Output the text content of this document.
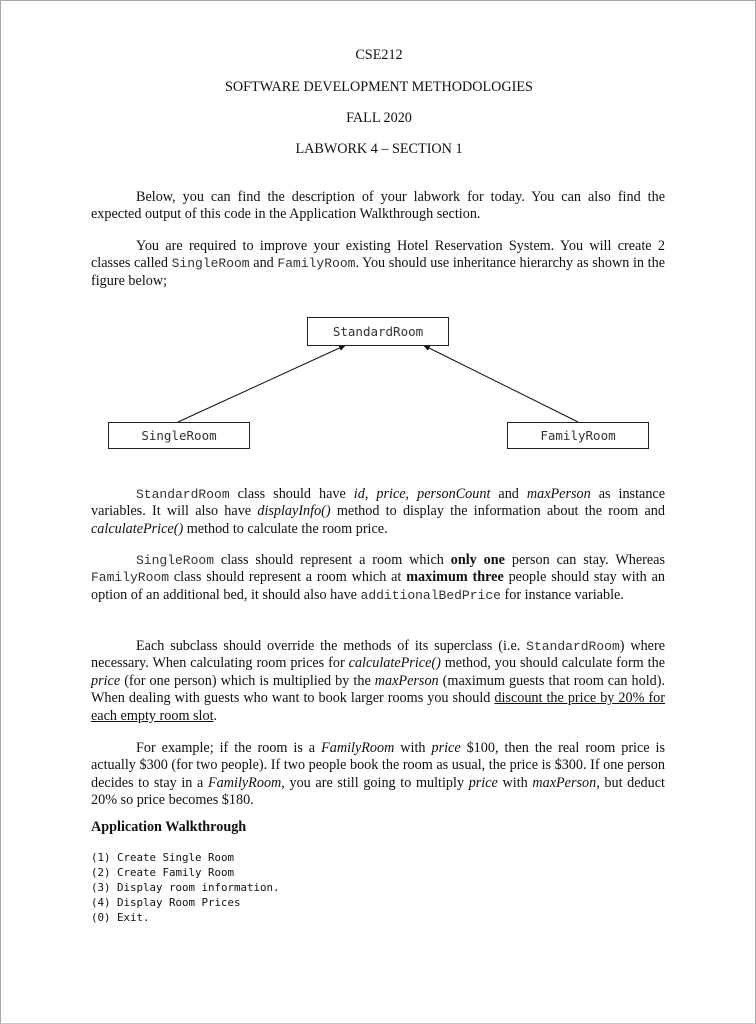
CSE212
SOFTWARE DEVELOPMENT METHODOLOGIES
FALL 2020
LABWORK 4 – SECTION 1
Below, you can find the description of your labwork for today. You can also find the expected output of this code in the Application Walkthrough section.
You are required to improve your existing Hotel Reservation System. You will create 2 classes called SingleRoom and FamilyRoom. You should use inheritance hierarchy as shown in the figure below;
StandardRoom
SingleRoom	FamilyRoom
StandardRoom class should have id, price, personCount and maxPerson as instance variables. It will also have displayInfo() method to display the information about the room and calculatePrice() method to calculate the room price.
SingleRoom class should represent a room which only one person can stay. Whereas FamilyRoom class should represent a room which at maximum three people should stay with an option of an additional bed, it should also have additionalBedPrice for instance variable.
Each subclass should override the methods of its superclass (i.e. StandardRoom) where necessary. When calculating room prices for calculatePrice() method, you should calculate form the price (for one person) which is multiplied by the maxPerson (maximum guests that room can hold). When dealing with guests who want to book larger rooms you should discount the price by 20% for each empty room slot.
For example; if the room is a FamilyRoom with price $100, then the real room price is actually $300 (for two people). If two people book the room as usual, the price is $300. If one person decides to stay in a FamilyRoom, you are still going to multiply price with maxPerson, but deduct 20% so price becomes $180.
Application Walkthrough
(1) Create Single Room
(2) Create Family Room
(3) Display room information.
(4) Display Room Prices
(0) Exit.
